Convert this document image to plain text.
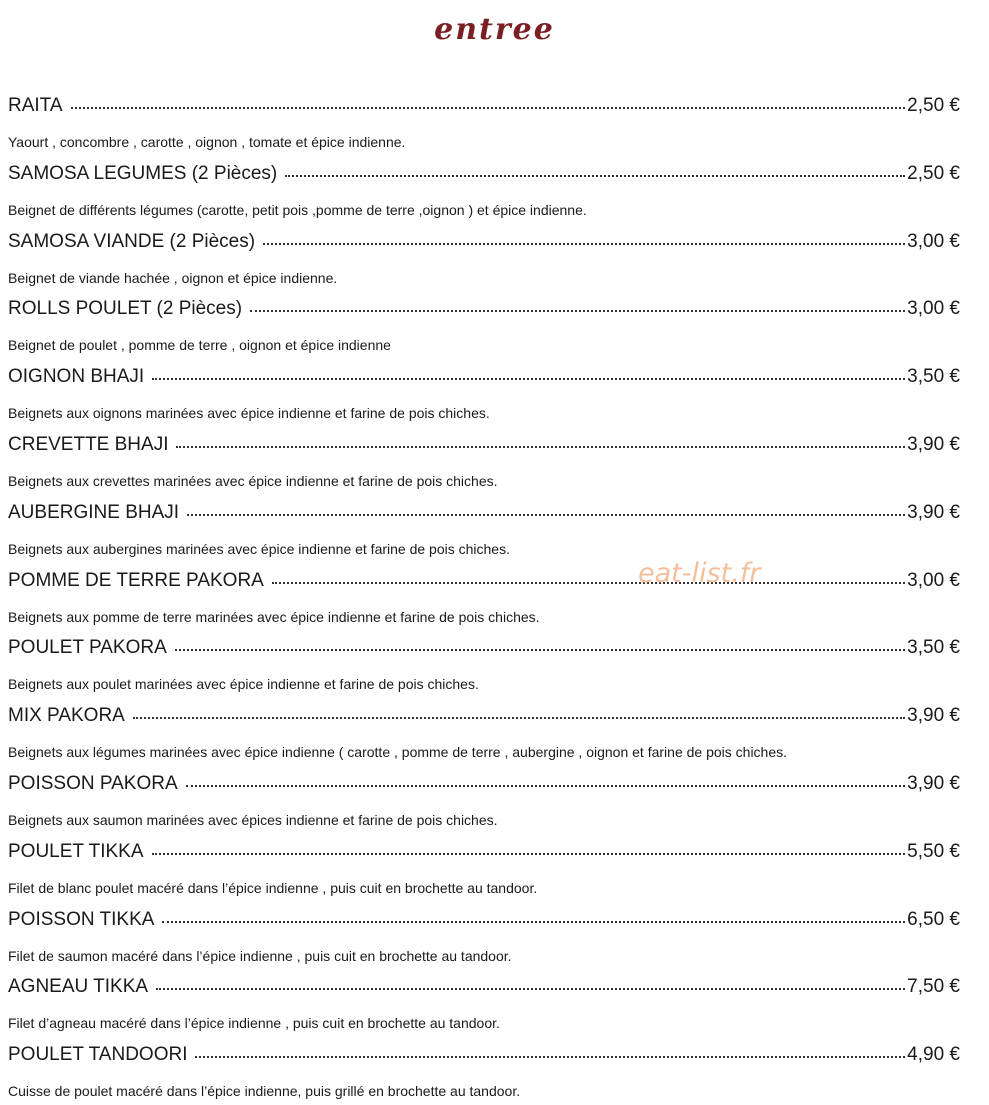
entree
RAITA	2,50 €
Yaourt , concombre , carotte , oignon , tomate et épice indienne.
SAMOSA LEGUMES (2 Pièces)	2,50 €
Beignet de différents légumes (carotte, petit pois ,pomme de terre ,oignon ) et épice indienne.
SAMOSA VIANDE (2 Pièces)	3,00 €
Beignet de viande hachée , oignon et épice indienne.
ROLLS POULET (2 Pièces)	3,00 €
Beignet de poulet , pomme de terre , oignon et épice indienne
OIGNON BHAJI	3,50 €
Beignets aux oignons marinées avec épice indienne et farine de pois chiches.
CREVETTE BHAJI	3,90 €
Beignets aux crevettes marinées avec épice indienne et farine de pois chiches.
AUBERGINE BHAJI	3,90 €
Beignets aux aubergines marinées avec épice indienne et farine de pois chiches.
POMME DE TERRE PAKORA	3,00 €
Beignets aux pomme de terre marinées avec épice indienne et farine de pois chiches.
POULET PAKORA	3,50 €
Beignets aux poulet marinées avec épice indienne et farine de pois chiches.
MIX PAKORA	3,90 €
Beignets aux légumes marinées avec épice indienne ( carotte , pomme de terre , aubergine , oignon et farine de pois chiches.
POISSON PAKORA	3,90 €
Beignets aux saumon marinées avec épices indienne et farine de pois chiches.
POULET TIKKA	5,50 €
Filet de blanc poulet macéré dans l’épice indienne , puis cuit en brochette au tandoor.
POISSON TIKKA	6,50 €
Filet de saumon macéré dans l’épice indienne , puis cuit en brochette au tandoor.
AGNEAU TIKKA	7,50 €
Filet d’agneau macéré dans l’épice indienne , puis cuit en brochette au tandoor.
POULET TANDOORI	4,90 €
Cuisse de poulet macéré dans l’épice indienne, puis grillé en brochette au tandoor.
eat-list.fr
